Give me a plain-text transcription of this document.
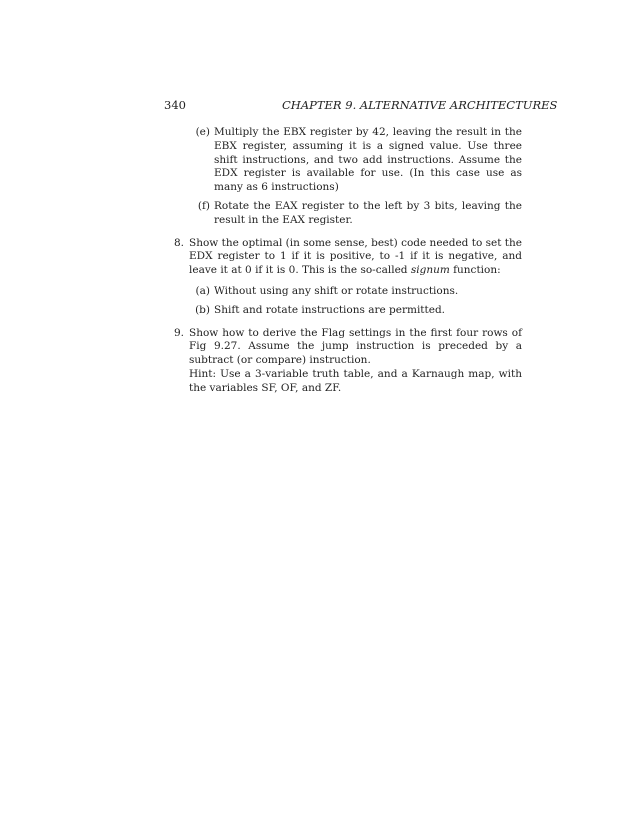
340	CHAPTER 9. ALTERNATIVE ARCHITECTURES
(e) Multiply the EBX register by 42, leaving the result in the EBX register, assuming it is a signed value. Use three shift instructions, and two add instructions. Assume the EDX register is available for use. (In this case use as many as 6 instructions)
(f) Rotate the EAX register to the left by 3 bits, leaving the result in the EAX register.
8. Show the optimal (in some sense, best) code needed to set the EDX register to 1 if it is positive, to -1 if it is negative, and leave it at 0 if it is 0. This is the so-called signum function:
(a) Without using any shift or rotate instructions.
(b) Shift and rotate instructions are permitted.
9. Show how to derive the Flag settings in the first four rows of Fig 9.27. Assume the jump instruction is preceded by a subtract (or compare) instruction.
Hint: Use a 3-variable truth table, and a Karnaugh map, with the variables SF, OF, and ZF.
